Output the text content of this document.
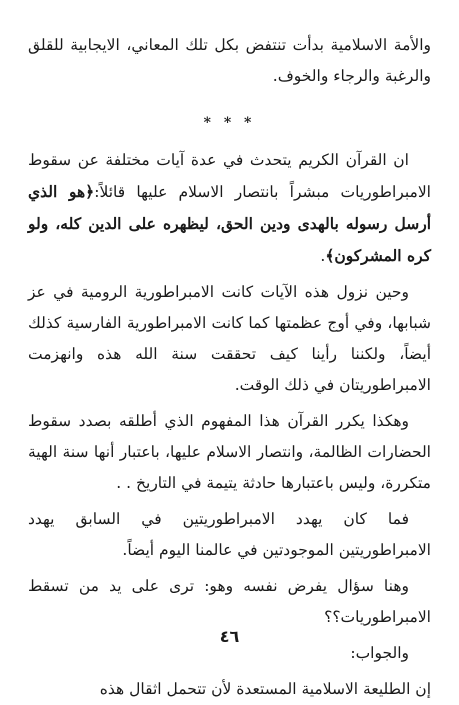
والأمة الاسلامية بدأت تنتفض بكل تلك المعاني، الايجابية للقلق والرغبة والرجاء والخوف.

* * *

ان القرآن الكريم يتحدث في عدة آيات مختلفة عن سقوط الامبراطوريات مبشراً بانتصار الاسلام عليها قائلاً:﴿هو الذي أرسل رسوله بالهدى ودين الحق، ليظهره على الدين كله، ولو كره المشركون﴾.

وحين نزول هذه الآيات كانت الامبراطورية الرومية في عز شبابها، وفي أوج عظمتها كما كانت الامبراطورية الفارسية كذلك أيضاً، ولكننا رأينا كيف تحققت سنة الله هذه وانهزمت الامبراطوريتان في ذلك الوقت.

وهكذا يكرر القرآن هذا المفهوم الذي أطلقه بصدد سقوط الحضارات الظالمة، وانتصار الاسلام عليها، باعتبار أنها سنة الهية متكررة، وليس باعتبارها حادثة يتيمة في التاريخ . .

فما كان يهدد الامبراطوريتين في السابق يهدد الامبراطوريتين الموجودتين في عالمنا اليوم أيضاً.

وهنا سؤال يفرض نفسه وهو: ترى على يد من تسقط الامبراطوريات؟؟

والجواب:

إن الطليعة الاسلامية المستعدة لأن تتحمل اثقال هذه

٤٦
